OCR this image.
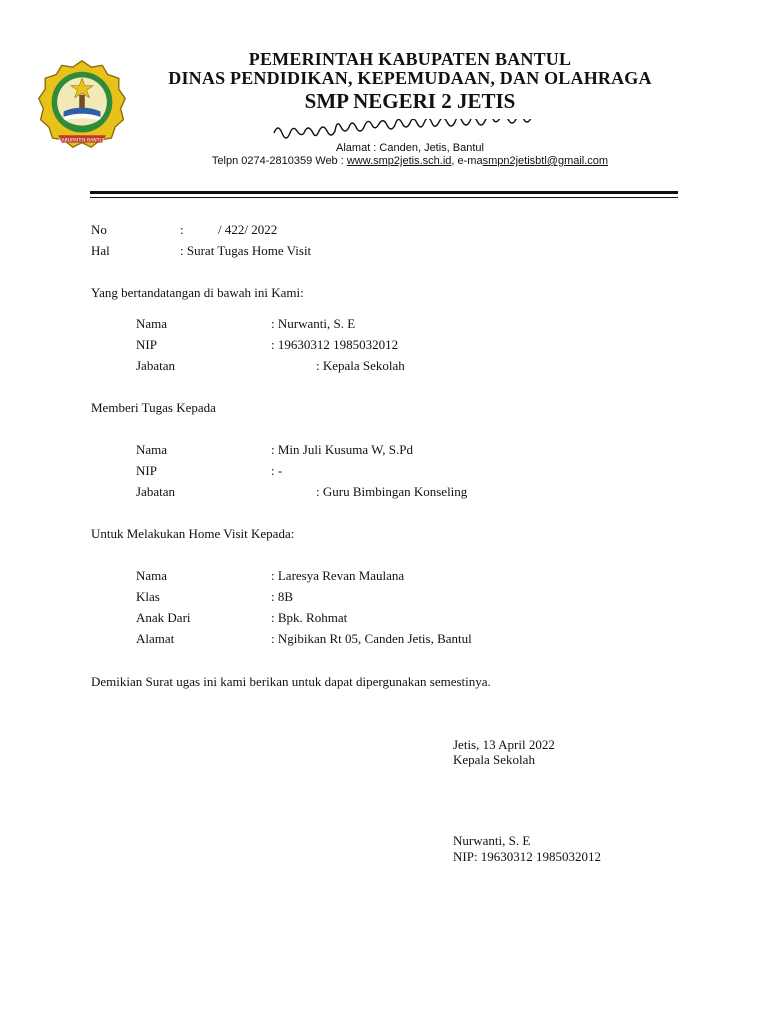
KABUPATEN BANTUL
PEMERINTAH KABUPATEN BANTUL
DINAS PENDIDIKAN, KEPEMUDAAN, DAN OLAHRAGA
SMP NEGERI 2 JETIS
Alamat : Canden, Jetis, Bantul
Telpn 0274-2810359 Web : www.smp2jetis.sch.id, e-masmpn2jetisbtl@gmail.com
No	:	/ 422/ 2022
Hal	: Surat Tugas Home Visit
Yang bertandatangan di bawah ini Kami:
Nama	: Nurwanti, S. E
NIP	: 19630312 1985032012
Jabatan	: Kepala Sekolah
Memberi Tugas Kepada
Nama	: Min Juli Kusuma W, S.Pd
NIP	: -
Jabatan	: Guru Bimbingan Konseling
Untuk Melakukan Home Visit Kepada:
Nama	: Laresya Revan Maulana
Klas	: 8B
Anak Dari	: Bpk. Rohmat
Alamat	: Ngibikan Rt 05, Canden Jetis, Bantul
Demikian Surat ugas ini kami berikan untuk dapat dipergunakan semestinya.
Jetis, 13 April 2022
Kepala Sekolah
Nurwanti, S. E
NIP: 19630312 1985032012
